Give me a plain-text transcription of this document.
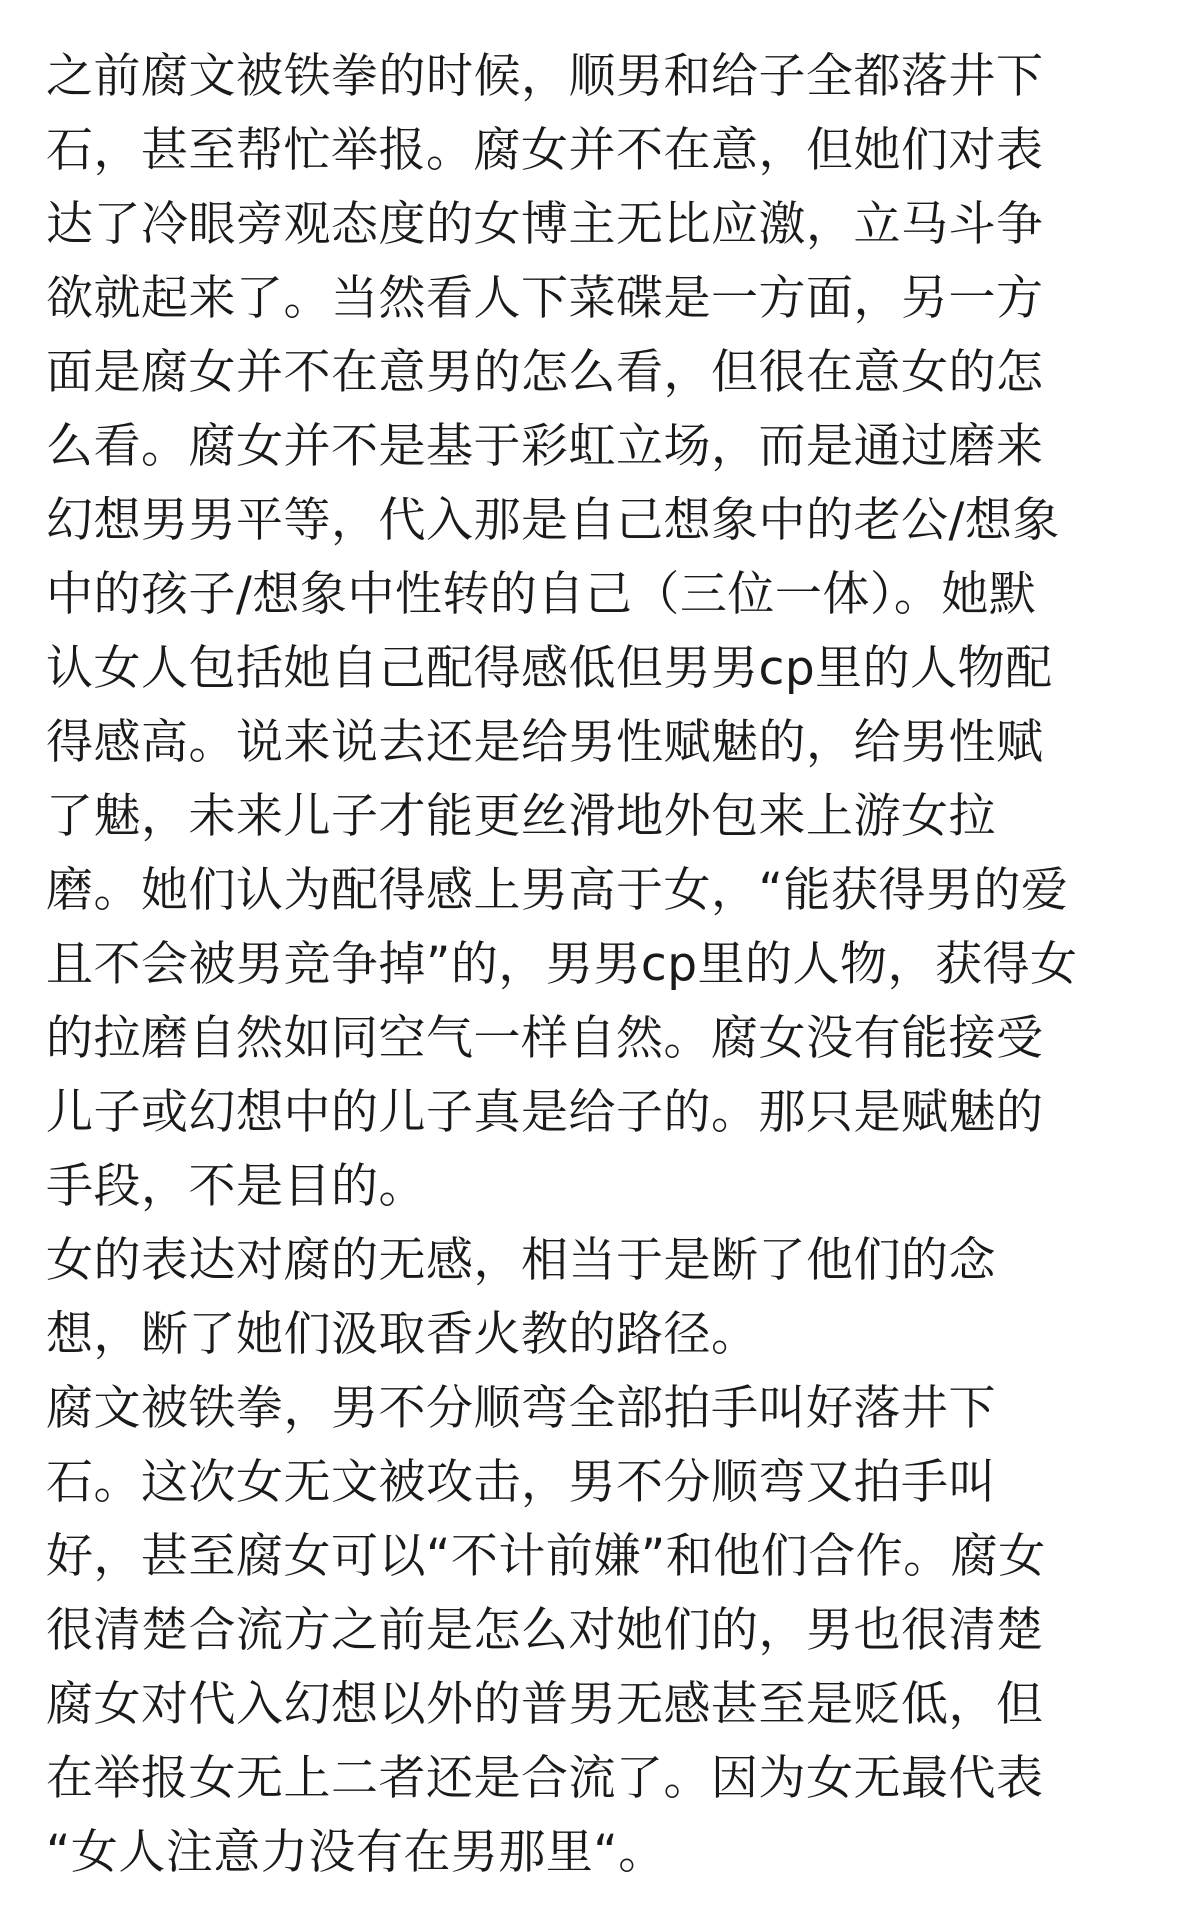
之前腐文被铁拳的时候，顺男和给子全都落井下
石，甚至帮忙举报。腐女并不在意，但她们对表
达了冷眼旁观态度的女博主无比应激，立马斗争
欲就起来了。当然看人下菜碟是一方面，另一方
面是腐女并不在意男的怎么看，但很在意女的怎
么看。腐女并不是基于彩虹立场，而是通过磨来
幻想男男平等，代入那是自己想象中的老公/想象
中的孩子/想象中性转的自己（三位一体）。她默
认女人包括她自己配得感低但男男cp里的人物配
得感高。说来说去还是给男性赋魅的，给男性赋
了魅，未来儿子才能更丝滑地外包来上游女拉
磨。她们认为配得感上男高于女，“能获得男的爱
且不会被男竞争掉”的，男男cp里的人物，获得女
的拉磨自然如同空气一样自然。腐女没有能接受
儿子或幻想中的儿子真是给子的。那只是赋魅的
手段，不是目的。
女的表达对腐的无感，相当于是断了他们的念
想，断了她们汲取香火教的路径。
腐文被铁拳，男不分顺弯全部拍手叫好落井下
石。这次女无文被攻击，男不分顺弯又拍手叫
好，甚至腐女可以“不计前嫌”和他们合作。腐女
很清楚合流方之前是怎么对她们的，男也很清楚
腐女对代入幻想以外的普男无感甚至是贬低，但
在举报女无上二者还是合流了。因为女无最代表
“女人注意力没有在男那里“。
